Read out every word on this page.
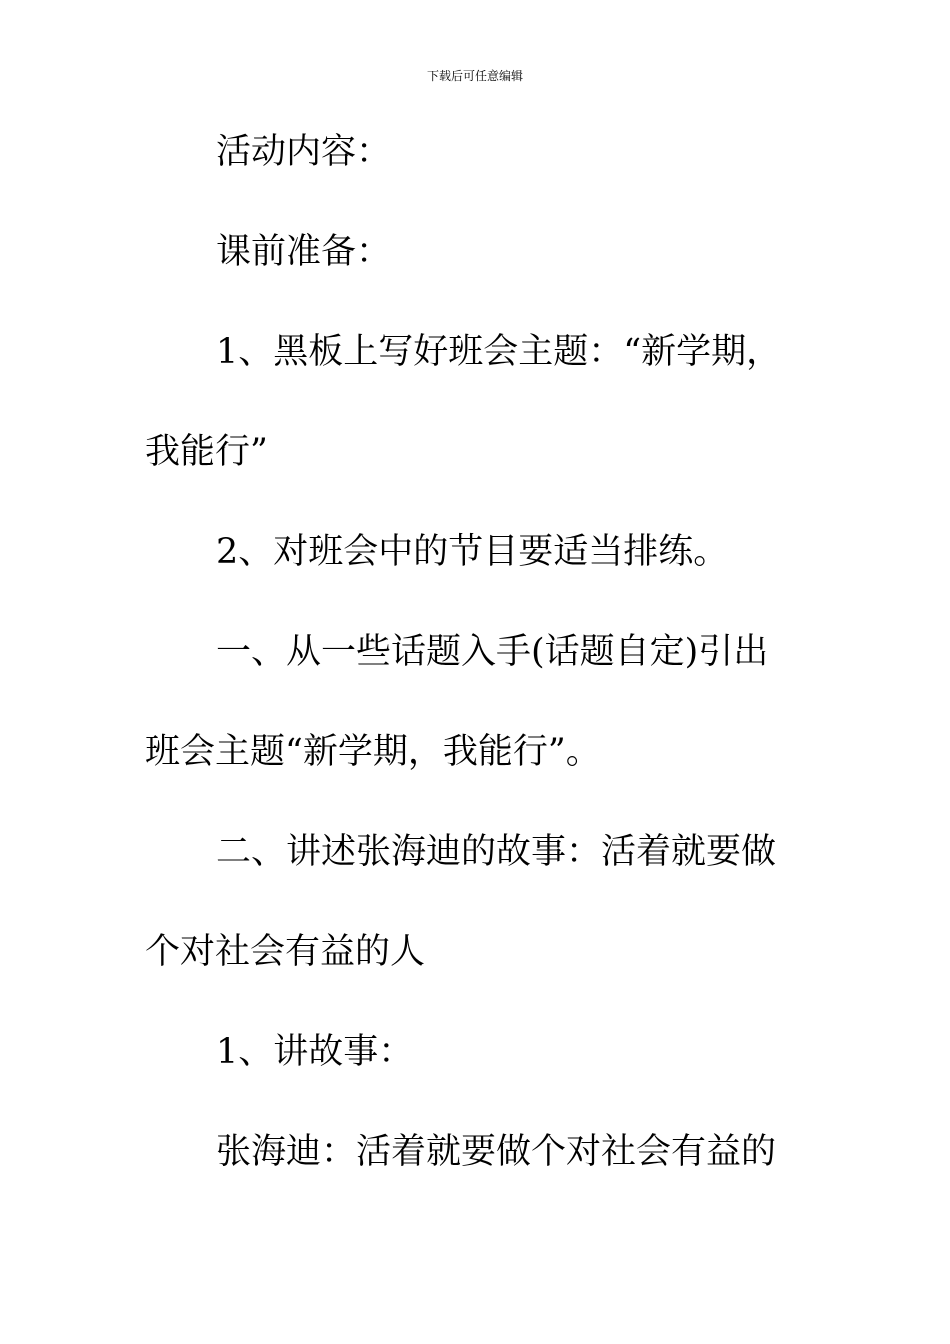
下载后可任意编辑
活动内容：
课前准备：
1、黑板上写好班会主题：“新学期，
我能行”
2、对班会中的节目要适当排练。
一、从一些话题入手(话题自定)引出
班会主题“新学期，我能行”。
二、讲述张海迪的故事：活着就要做
个对社会有益的人
1、讲故事：
张海迪：活着就要做个对社会有益的
